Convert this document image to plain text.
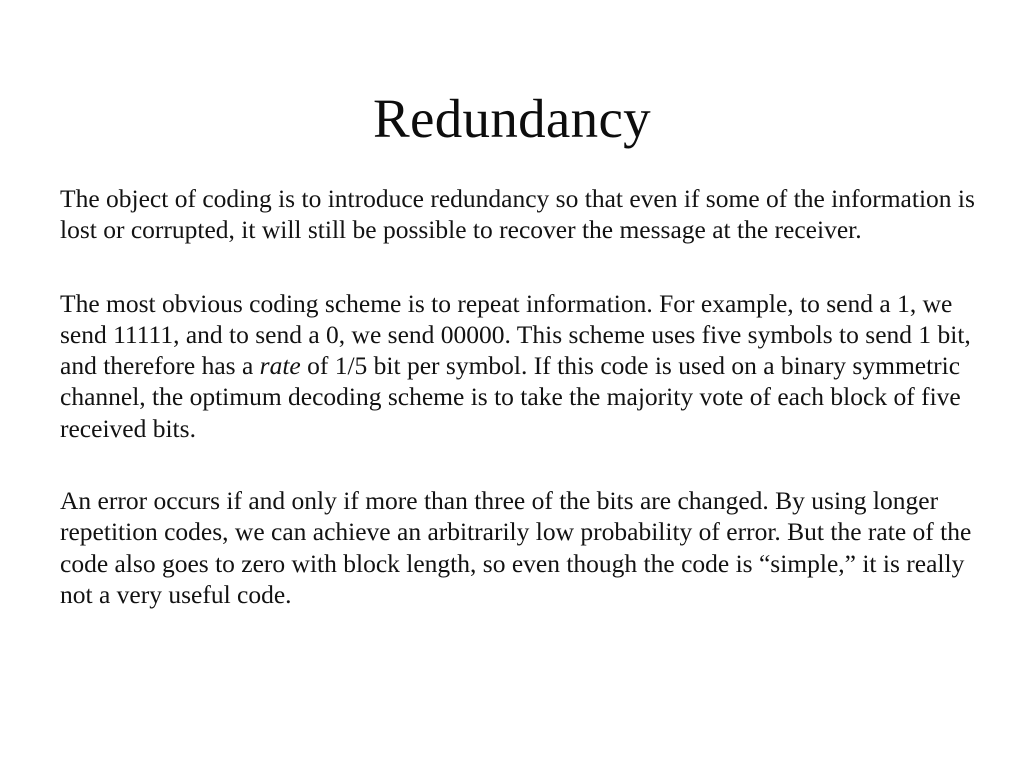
Redundancy

The object of coding is to introduce redundancy so that even if some of the information is lost or corrupted, it will still be possible to recover the message at the receiver.

The most obvious coding scheme is to repeat information. For example, to send a 1, we send 11111, and to send a 0, we send 00000. This scheme uses five symbols to send 1 bit, and therefore has a rate of 1/5 bit per symbol. If this code is used on a binary symmetric channel, the optimum decoding scheme is to take the majority vote of each block of five received bits.

An error occurs if and only if more than three of the bits are changed. By using longer repetition codes, we can achieve an arbitrarily low probability of error. But the rate of the code also goes to zero with block length, so even though the code is “simple,” it is really not a very useful code.
